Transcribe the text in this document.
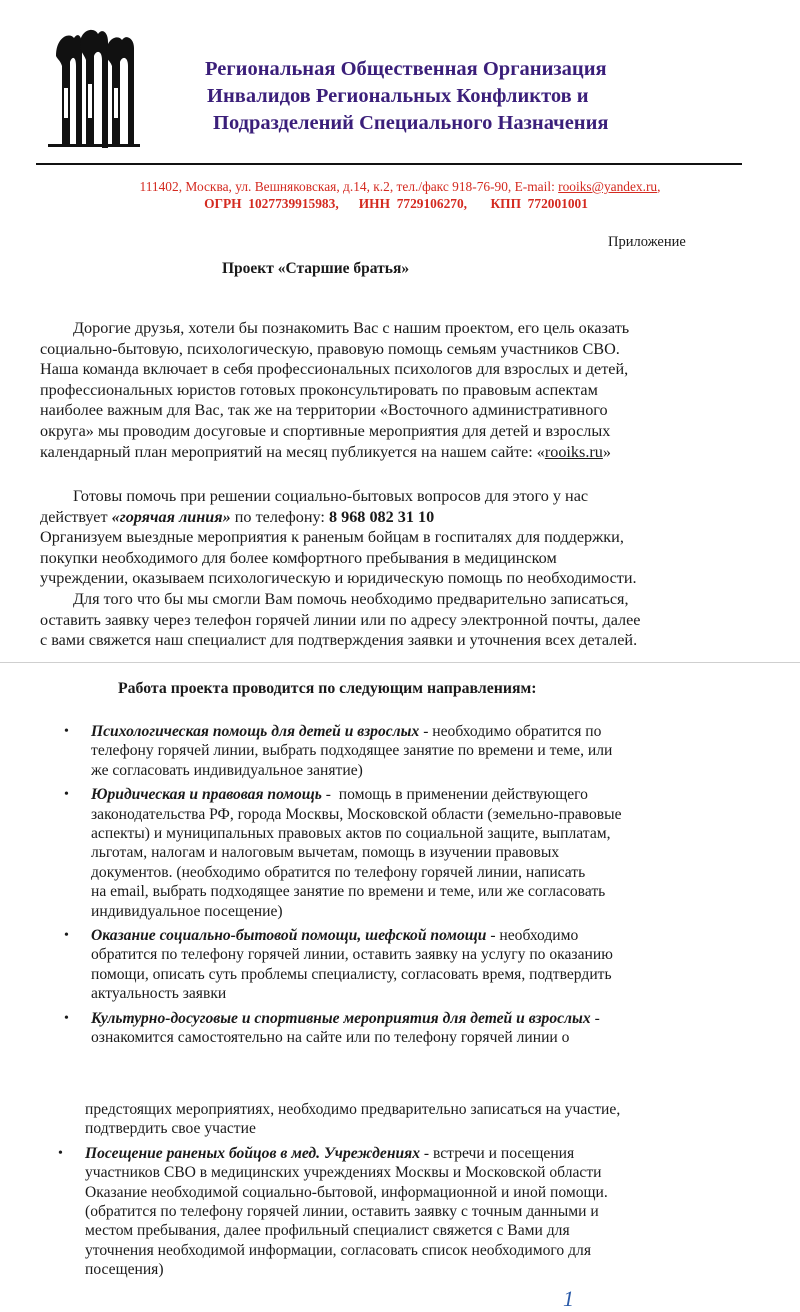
Региональная Общественная Организация
Инвалидов Региональных Конфликтов и
Подразделений Специального Назначения
111402, Москва, ул. Вешняковская, д.14, к.2, тел./факс 918-76-90, E-mail: rooiks@yandex.ru,
ОГРН  1027739915983,      ИНН  7729106270,       КПП  772001001
Приложение
Проект «Старшие братья»
Дорогие друзья, хотели бы познакомить Вас с нашим проектом, его цель оказать
социально-бытовую, психологическую, правовую помощь семьям участников СВО.
Наша команда включает в себя профессиональных психологов для взрослых и детей,
профессиональных юристов готовых проконсультировать по правовым аспектам
наиболее важным для Вас, так же на территории «Восточного административного
округа» мы проводим досуговые и спортивные мероприятия для детей и взрослых
календарный план мероприятий на месяц публикуется на нашем сайте: «rooiks.ru»
Готовы помочь при решении социально-бытовых вопросов для этого у нас
действует «горячая линия» по телефону: 8 968 082 31 10
Организуем выездные мероприятия к раненым бойцам в госпиталях для поддержки,
покупки необходимого для более комфортного пребывания в медицинском
учреждении, оказываем психологическую и юридическую помощь по необходимости.
Для того что бы мы смогли Вам помочь необходимо предварительно записаться,
оставить заявку через телефон горячей линии или по адресу электронной почты, далее
с вами свяжется наш специалист для подтверждения заявки и уточнения всех деталей.
Работа проекта проводится по следующим направлениям:
• Психологическая помощь для детей и взрослых - необходимо обратится по
телефону горячей линии, выбрать подходящее занятие по времени и теме, или
же согласовать индивидуальное занятие)
• Юридическая и правовая помощь -  помощь в применении действующего
законодательства РФ, города Москвы, Московской области (земельно-правовые
аспекты) и муниципальных правовых актов по социальной защите, выплатам,
льготам, налогам и налоговым вычетам, помощь в изучении правовых
документов. (необходимо обратится по телефону горячей линии, написать
на email, выбрать подходящее занятие по времени и теме, или же согласовать
индивидуальное посещение)
• Оказание социально-бытовой помощи, шефской помощи - необходимо
обратится по телефону горячей линии, оставить заявку на услугу по оказанию
помощи, описать суть проблемы специалисту, согласовать время, подтвердить
актуальность заявки
• Культурно-досуговые и спортивные мероприятия для детей и взрослых -
ознакомится самостоятельно на сайте или по телефону горячей линии о
предстоящих мероприятиях, необходимо предварительно записаться на участие,
подтвердить свое участие
• Посещение раненых бойцов в мед. Учреждениях - встречи и посещения
участников СВО в медицинских учреждениях Москвы и Московской области
Оказание необходимой социально-бытовой, информационной и иной помощи.
(обратится по телефону горячей линии, оставить заявку с точным данными и
местом пребывания, далее профильный специалист свяжется с Вами для
уточнения необходимой информации, согласовать список необходимого для
посещения)
1
